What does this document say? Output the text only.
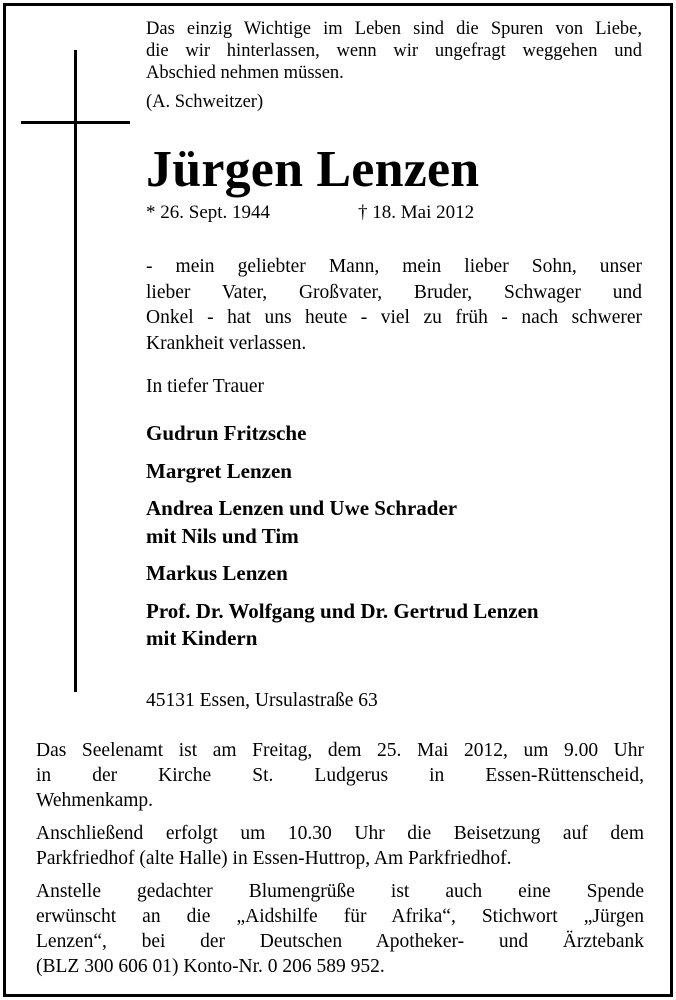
Das einzig Wichtige im Leben sind die Spuren von Liebe,
die wir hinterlassen, wenn wir ungefragt weggehen und
Abschied nehmen müssen.

(A. Schweitzer)

Jürgen Lenzen
* 26. Sept. 1944	† 18. Mai 2012
- mein geliebter Mann, mein lieber Sohn, unser
lieber Vater, Großvater, Bruder, Schwager und
Onkel - hat uns heute - viel zu früh - nach schwerer
Krankheit verlassen.
In tiefer Trauer
Gudrun Fritzsche
Margret Lenzen
Andrea Lenzen und Uwe Schrader
mit Nils und Tim
Markus Lenzen
Prof. Dr. Wolfgang und Dr. Gertrud Lenzen
mit Kindern
45131 Essen, Ursulastraße 63

Das Seelenamt ist am Freitag, dem 25. Mai 2012, um 9.00 Uhr
in der Kirche St. Ludgerus in Essen-Rüttenscheid,
Wehmenkamp.

Anschließend erfolgt um 10.30 Uhr die Beisetzung auf dem
Parkfriedhof (alte Halle) in Essen-Huttrop, Am Parkfriedhof.

Anstelle gedachter Blumengrüße ist auch eine Spende
erwünscht an die „Aidshilfe für Afrika“, Stichwort „Jürgen
Lenzen“, bei der Deutschen Apotheker- und Ärztebank
(BLZ 300 606 01) Konto-Nr. 0 206 589 952.
